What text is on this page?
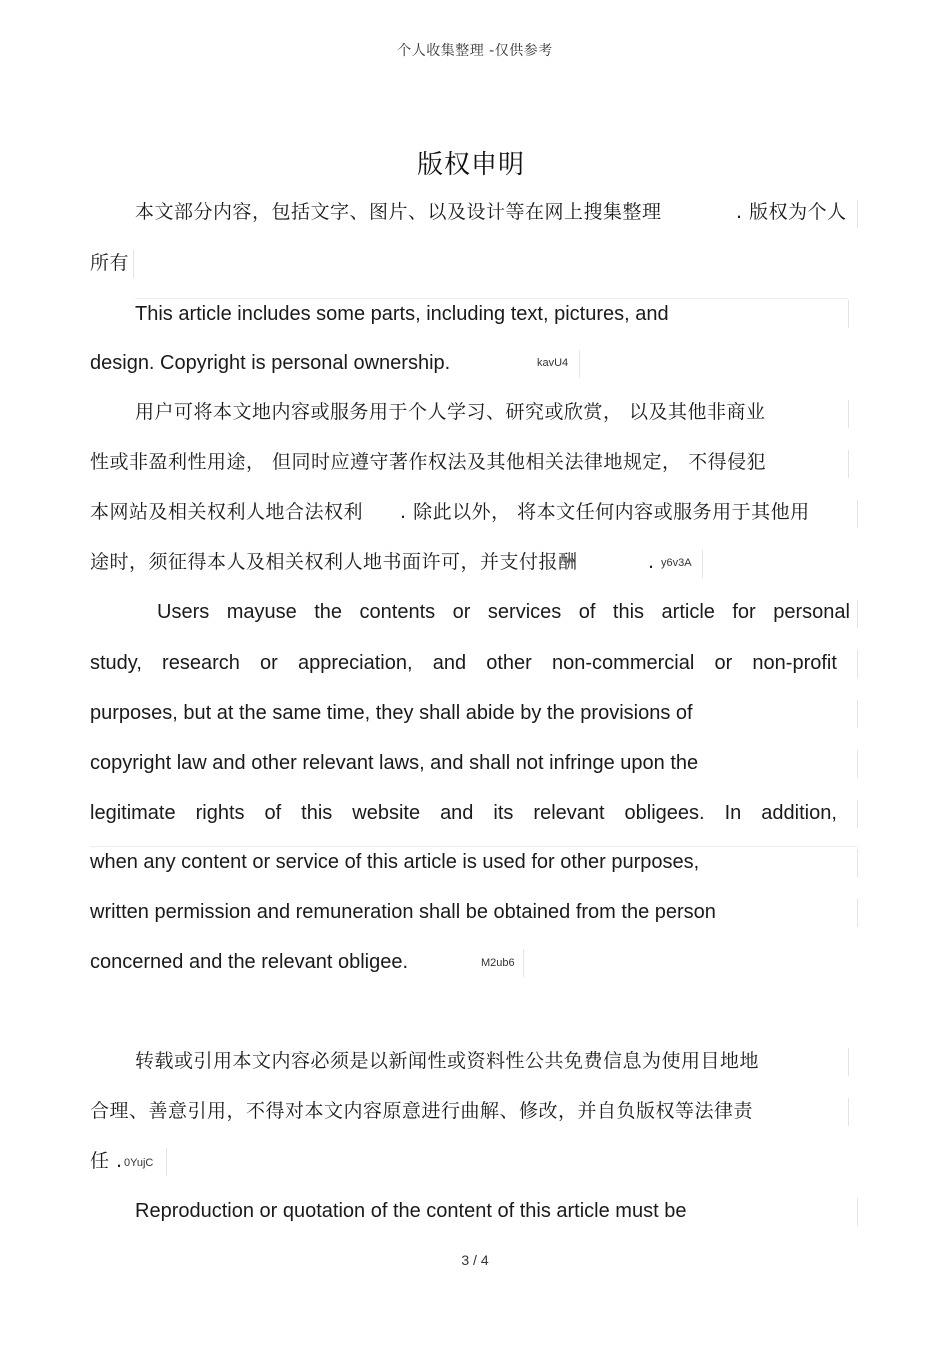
个人收集整理 -仅供参考
版权申明
本文部分内容，包括文字、图片、以及设计等在网上搜集整理	. 版权为个人
所有
This article includes some parts, including text, pictures, and
design. Copyright is personal ownership.	kavU4
用户可将本文地内容或服务用于个人学习、研究或欣赏， 以及其他非商业
性或非盈利性用途， 但同时应遵守著作权法及其他相关法律地规定， 不得侵犯
本网站及相关权利人地合法权利 . 除此以外， 将本文任何内容或服务用于其他用
途时，须征得本人及相关权利人地书面许可，并支付报酬	. y6v3A
Users mayuse the contents or services of this article for personal
study, research or appreciation, and other non-commercial or non-profit
purposes, but at the same time, they shall abide by the provisions of
copyright law and other relevant laws, and shall not infringe upon the
legitimate rights of this website and its relevant obligees. In addition,
when any content or service of this article is used for other purposes,
written permission and remuneration shall be obtained from the person
concerned and the relevant obligee.	M2ub6
转载或引用本文内容必须是以新闻性或资料性公共免费信息为使用目地地
合理、善意引用，不得对本文内容原意进行曲解、修改，并自负版权等法律责
任 . 0YujC
Reproduction or quotation of the content of this article must be
3 / 4
